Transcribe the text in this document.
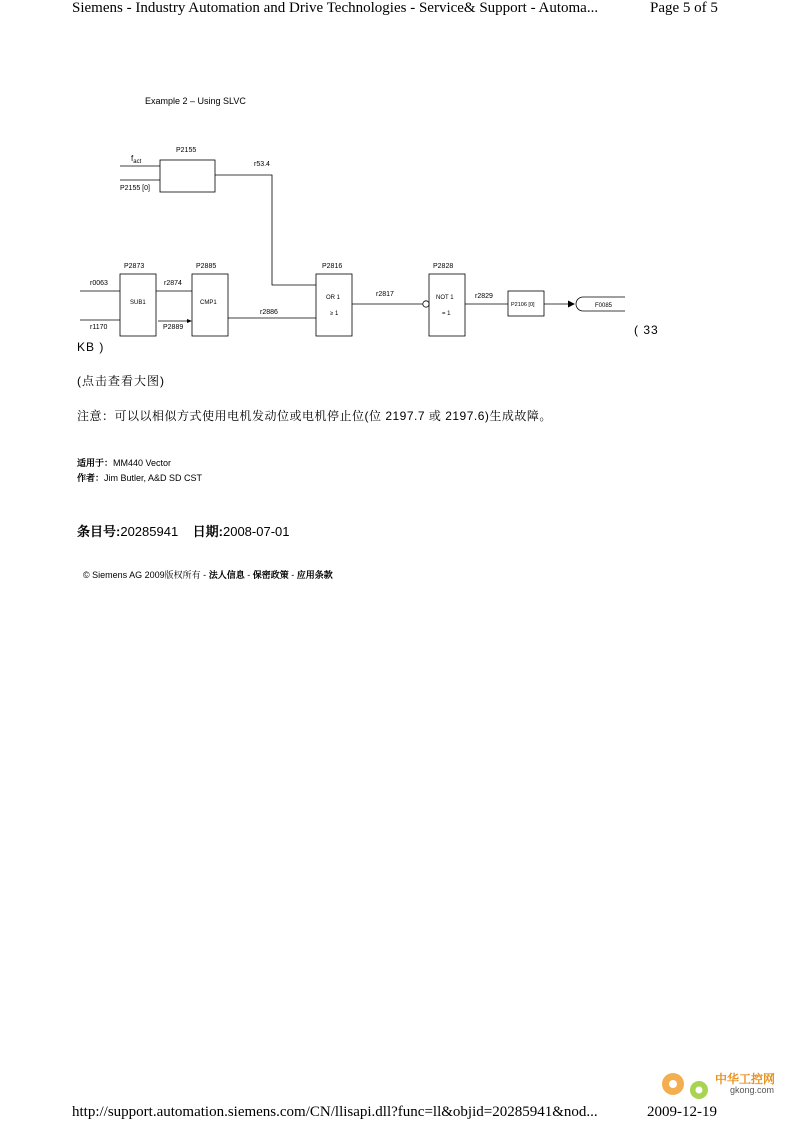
Siemens - Industry Automation and Drive Technologies - Service& Support - Automa...	Page 5 of 5
Example 2 – Using SLVC
P2155
$f_{act}$
P2155 [0]
r53.4
P2873
SUB1
r0063
r1170
r2874
P2885
CMP1
P2889
r2886
P2816
OR 1
≥ 1
r2817
P2828
NOT 1
= 1
r2829
P2106 [0]	F0085
( 33
KB )
(点击查看大图)
注意：可以以相似方式使用电机发动位或电机停止位(位 2197.7 或 2197.6)生成故障。
适用于：MM440 Vector
作者：Jim Butler, A&D SD CST
条目号:20285941 日期:2008-07-01
© Siemens AG 2009版权所有 - 法人信息 - 保密政策 - 应用条款
中华工控网
gkong.com
http://support.automation.siemens.com/CN/llisapi.dll?func=ll&objid=20285941&nod...	2009-12-19
